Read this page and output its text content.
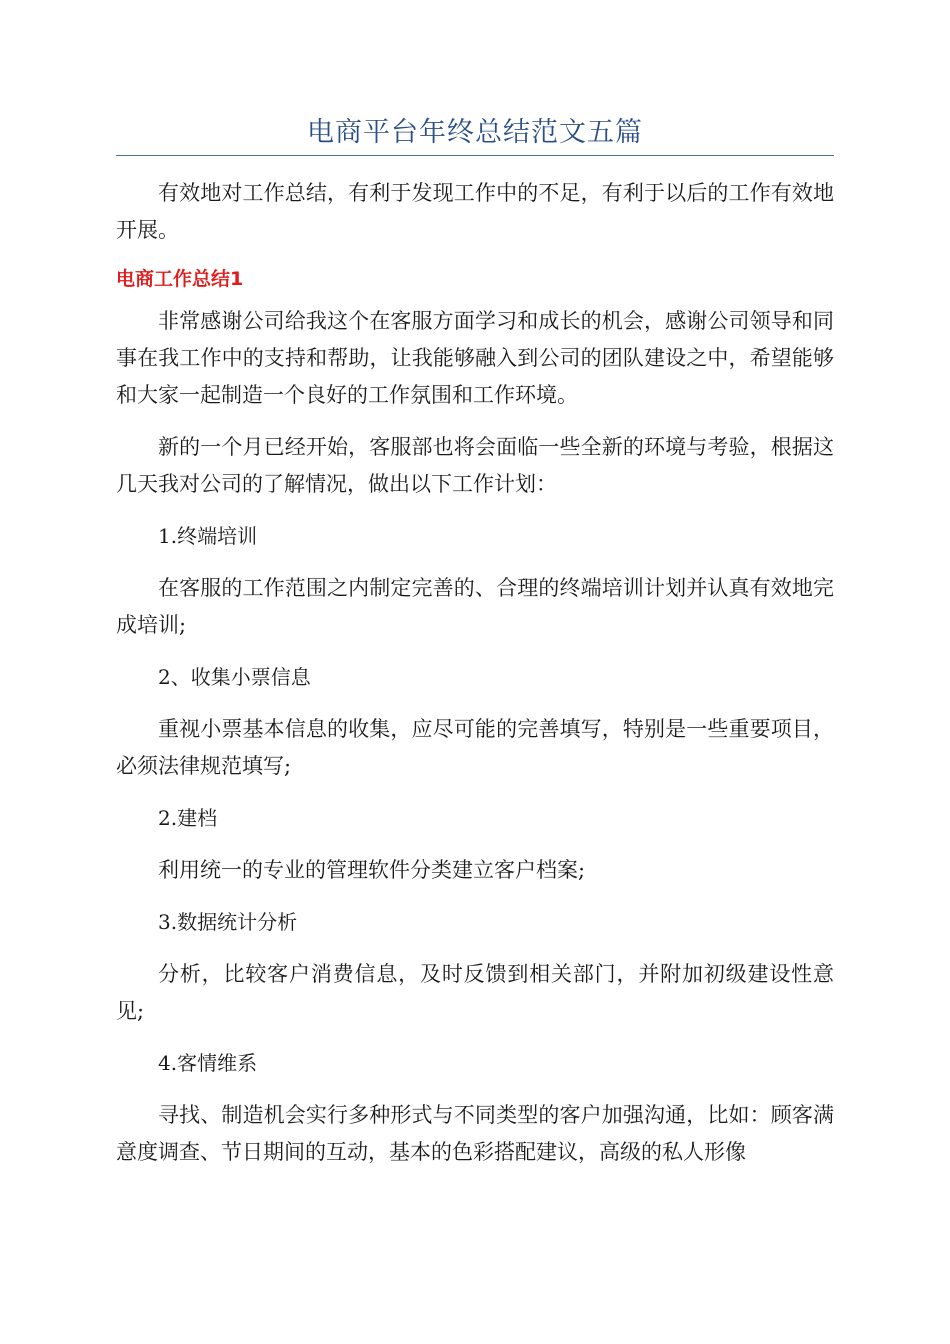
电商平台年终总结范文五篇

有效地对工作总结，有利于发现工作中的不足，有利于以后的工作有效地开展。

电商工作总结1

非常感谢公司给我这个在客服方面学习和成长的机会，感谢公司领导和同事在我工作中的支持和帮助，让我能够融入到公司的团队建设之中，希望能够和大家一起制造一个良好的工作氛围和工作环境。

新的一个月已经开始，客服部也将会面临一些全新的环境与考验，根据这几天我对公司的了解情况，做出以下工作计划：

1.终端培训

在客服的工作范围之内制定完善的、合理的终端培训计划并认真有效地完成培训;

2、收集小票信息

重视小票基本信息的收集，应尽可能的完善填写，特别是一些重要项目，必须法律规范填写;

2.建档

利用统一的专业的管理软件分类建立客户档案;

3.数据统计分析

分析，比较客户消费信息，及时反馈到相关部门，并附加初级建设性意见;

4.客情维系

寻找、制造机会实行多种形式与不同类型的客户加强沟通，比如：顾客满意度调查、节日期间的互动，基本的色彩搭配建议，高级的私人形像
